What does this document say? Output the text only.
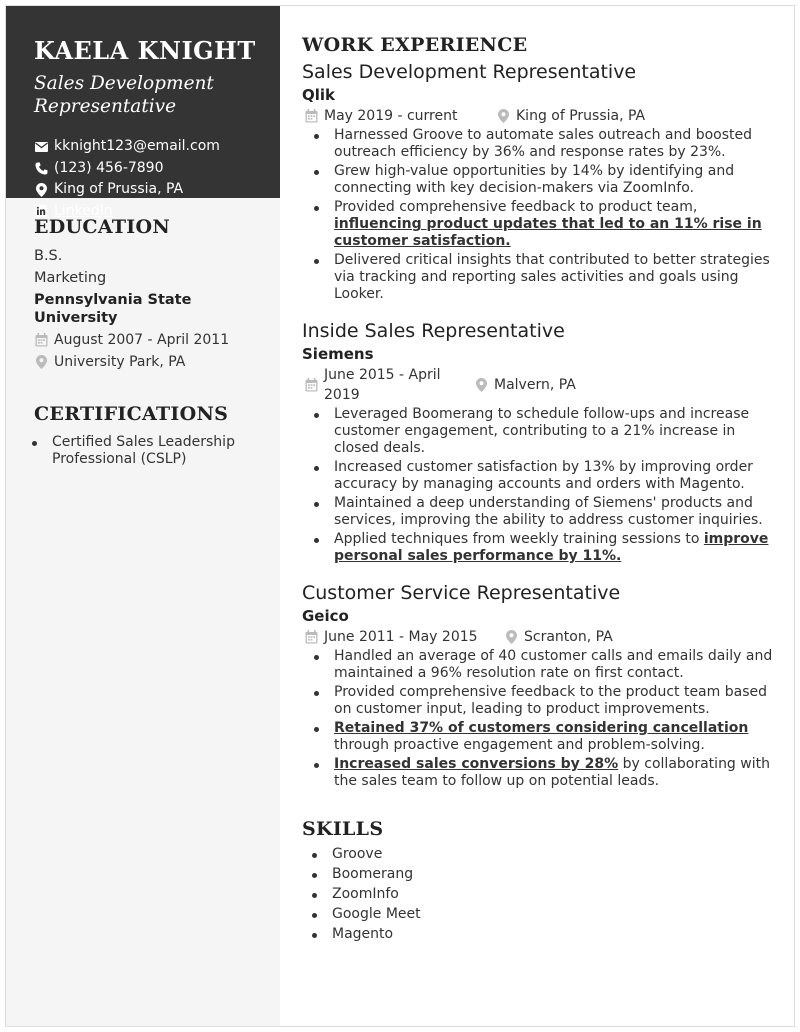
KAELA KNIGHT
Sales Development Representative
kknight123@email.com
(123) 456-7890
King of Prussia, PA
LinkedIn
EDUCATION
B.S.
Marketing
Pennsylvania State University
August 2007 - April 2011
University Park, PA
CERTIFICATIONS
Certified Sales Leadership Professional (CSLP)
WORK EXPERIENCE
Sales Development Representative
Qlik
May 2019 - current	King of Prussia, PA
Harnessed Groove to automate sales outreach and boosted outreach efficiency by 36% and response rates by 23%.
Grew high-value opportunities by 14% by identifying and connecting with key decision-makers via ZoomInfo.
Provided comprehensive feedback to product team, influencing product updates that led to an 11% rise in customer satisfaction.
Delivered critical insights that contributed to better strategies via tracking and reporting sales activities and goals using Looker.
Inside Sales Representative
Siemens
June 2015 - April 2019
Malvern, PA
Leveraged Boomerang to schedule follow-ups and increase customer engagement, contributing to a 21% increase in closed deals.
Increased customer satisfaction by 13% by improving order accuracy by managing accounts and orders with Magento.
Maintained a deep understanding of Siemens' products and services, improving the ability to address customer inquiries.
Applied techniques from weekly training sessions to improve personal sales performance by 11%.
Customer Service Representative
Geico
June 2011 - May 2015	Scranton, PA
Handled an average of 40 customer calls and emails daily and maintained a 96% resolution rate on first contact.
Provided comprehensive feedback to the product team based on customer input, leading to product improvements.
Retained 37% of customers considering cancellation through proactive engagement and problem-solving.
Increased sales conversions by 28% by collaborating with the sales team to follow up on potential leads.
SKILLS
Groove
Boomerang
ZoomInfo
Google Meet
Magento
